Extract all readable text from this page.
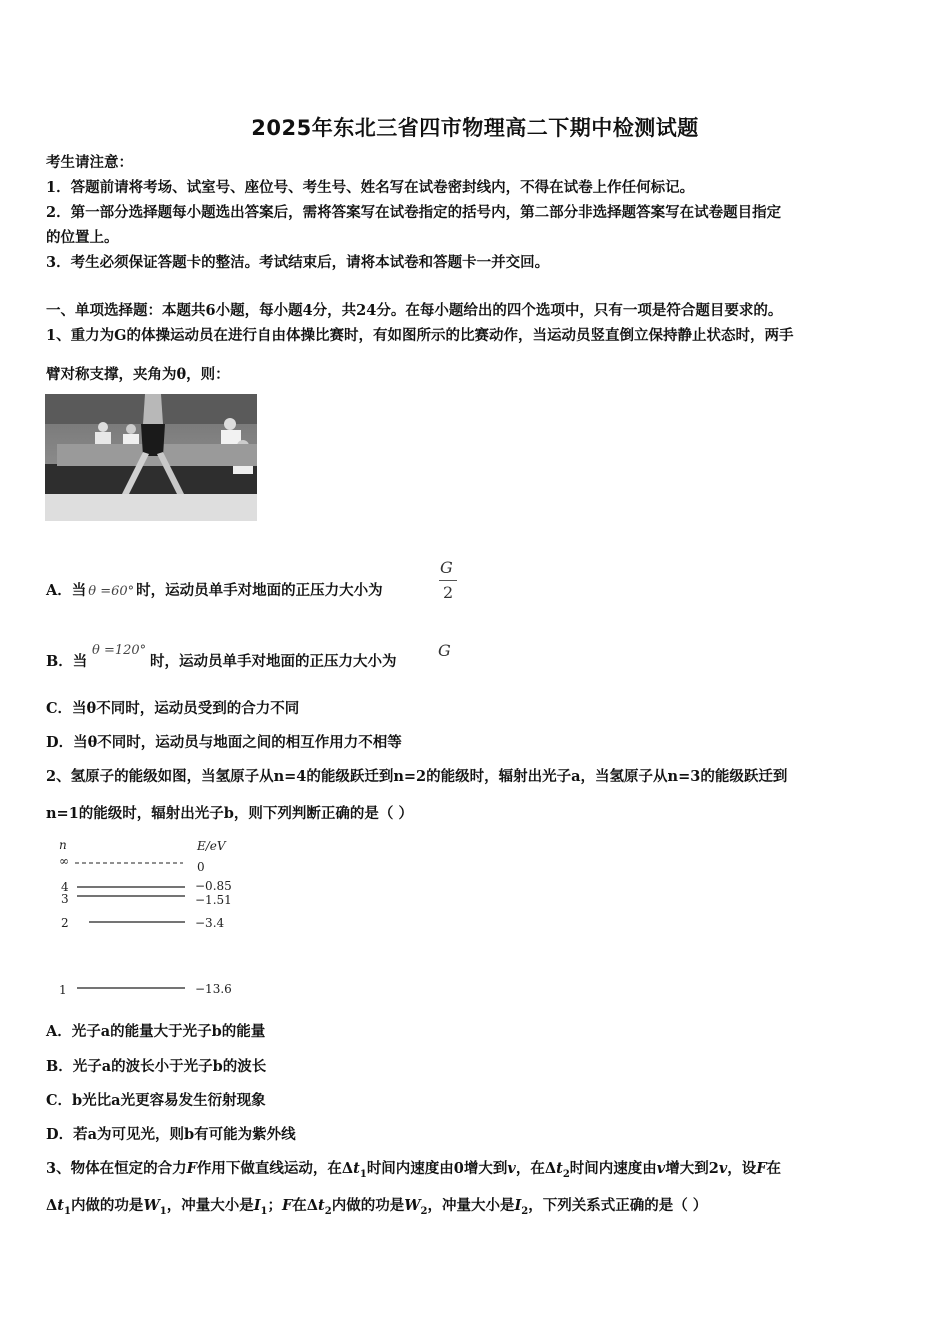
2025年东北三省四市物理高二下期中检测试题
考生请注意：
1．答题前请将考场、试室号、座位号、考生号、姓名写在试卷密封线内，不得在试卷上作任何标记。
2．第一部分选择题每小题选出答案后，需将答案写在试卷指定的括号内，第二部分非选择题答案写在试卷题目指定
的位置上。
3．考生必须保证答题卡的整洁。考试结束后，请将本试卷和答题卡一并交回。
一、单项选择题：本题共6小题，每小题4分，共24分。在每小题给出的四个选项中，只有一项是符合题目要求的。
1、重力为G的体操运动员在进行自由体操比赛时，有如图所示的比赛动作，当运动员竖直倒立保持静止状态时，两手
臂对称支撑，夹角为θ，则：
A．当 θ =60° 时，运动员单手对地面的正压力大小为
G
2
B．当
θ =120°
时，运动员单手对地面的正压力大小为
G
C．当θ不同时，运动员受到的合力不同
D．当θ不同时，运动员与地面之间的相互作用力不相等
2、氢原子的能级如图，当氢原子从n=4的能级跃迁到n=2的能级时，辐射出光子a，当氢原子从n=3的能级跃迁到
n=1的能级时，辐射出光子b，则下列判断正确的是（ ）
n	E/eV
∞	0
4	−0.85
3	−1.51
2	−3.4
1	−13.6
A．光子a的能量大于光子b的能量
B．光子a的波长小于光子b的波长
C．b光比a光更容易发生衍射现象
D．若a为可见光，则b有可能为紫外线
3、物体在恒定的合力F作用下做直线运动，在$\Delta t_1$时间内速度由0增大到v，在$\Delta t_2$时间内速度由v增大到2v，设F在
$\Delta t_1$内做的功是$W_1$，冲量大小是$I_1$；F在$\Delta t_2$内做的功是$W_2$，冲量大小是$I_2$，下列关系式正确的是（ ）
